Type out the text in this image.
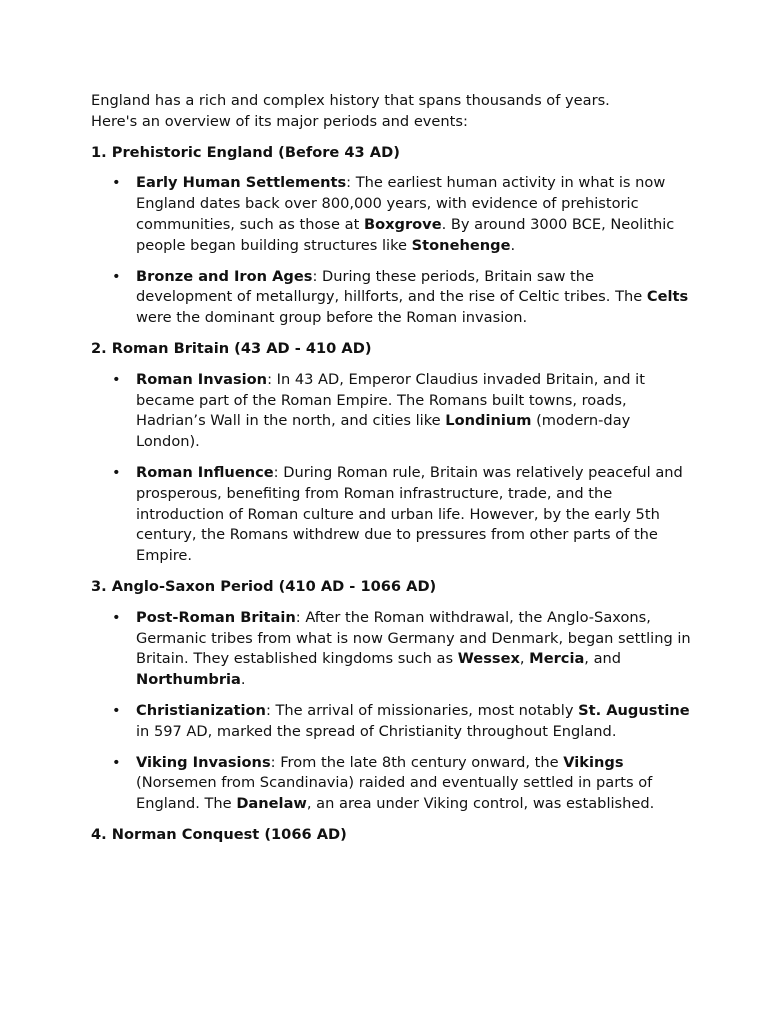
England has a rich and complex history that spans thousands of years.
Here's an overview of its major periods and events:

1. Prehistoric England (Before 43 AD)

• Early Human Settlements: The earliest human activity in what is now England dates back over 800,000 years, with evidence of prehistoric communities, such as those at Boxgrove. By around 3000 BCE, Neolithic people began building structures like Stonehenge.
• Bronze and Iron Ages: During these periods, Britain saw the development of metallurgy, hillforts, and the rise of Celtic tribes. The Celts were the dominant group before the Roman invasion.

2. Roman Britain (43 AD - 410 AD)

• Roman Invasion: In 43 AD, Emperor Claudius invaded Britain, and it became part of the Roman Empire. The Romans built towns, roads, Hadrian’s Wall in the north, and cities like Londinium (modern-day London).
• Roman Influence: During Roman rule, Britain was relatively peaceful and prosperous, benefiting from Roman infrastructure, trade, and the introduction of Roman culture and urban life. However, by the early 5th century, the Romans withdrew due to pressures from other parts of the Empire.

3. Anglo-Saxon Period (410 AD - 1066 AD)

• Post-Roman Britain: After the Roman withdrawal, the Anglo-Saxons, Germanic tribes from what is now Germany and Denmark, began settling in Britain. They established kingdoms such as Wessex, Mercia, and Northumbria.
• Christianization: The arrival of missionaries, most notably St. Augustine in 597 AD, marked the spread of Christianity throughout England.
• Viking Invasions: From the late 8th century onward, the Vikings (Norsemen from Scandinavia) raided and eventually settled in parts of England. The Danelaw, an area under Viking control, was established.

4. Norman Conquest (1066 AD)
